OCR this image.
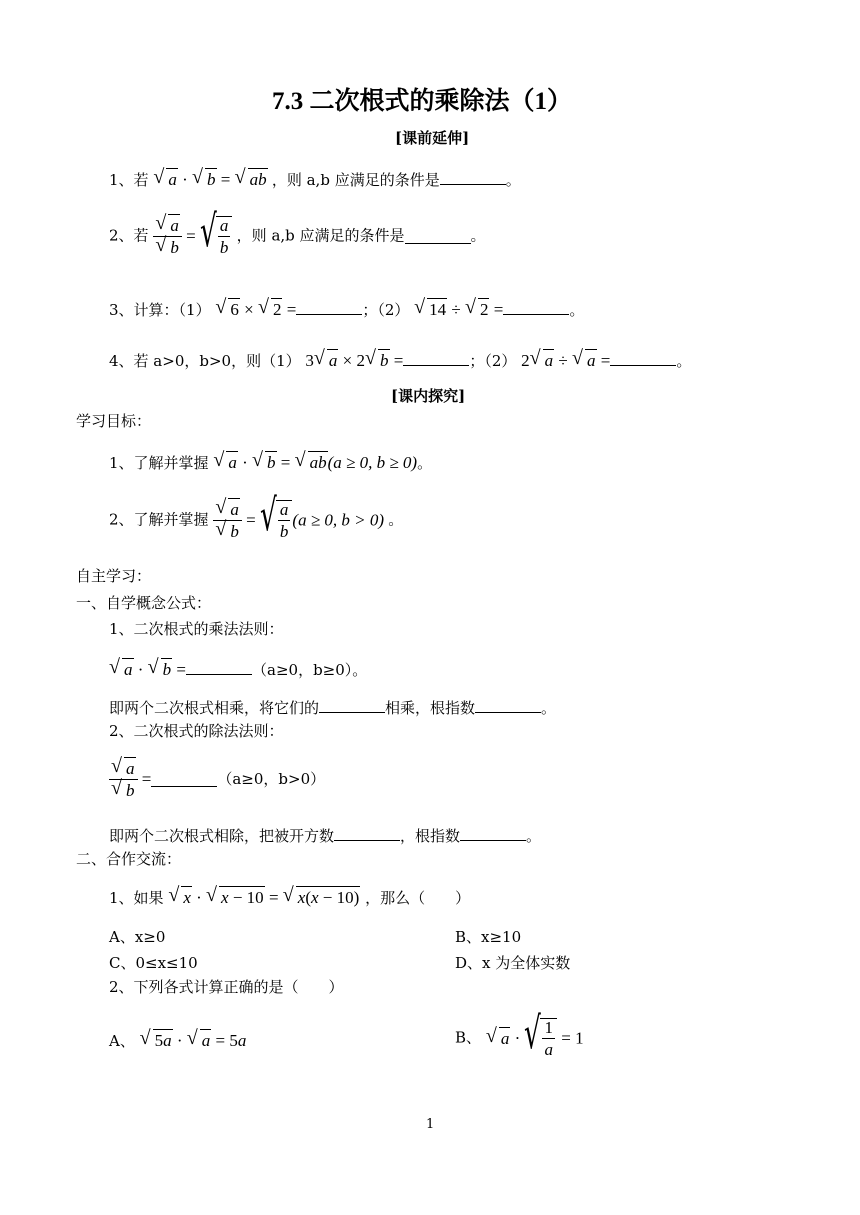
7.3 二次根式的乘除法（1）
[课前延伸]
1、若 √ a · √ b = √ ab ，则 a,b 应满足的条件是	。
2、若 √ a
√ b = √ $\frac{a}{b}$ ，则 a,b 应满足的条件是	。
3、计算：（1） √ 6 × √ 2 =	；（2） √ 14 ÷ √ 2 =	。
4、若 a>0，b>0，则（1） 3 √ a × 2 √ b =	；（2） 2 √ a ÷ √ a =	。
[课内探究]
学习目标：
1、了解并掌握 √ a · √ b = √ ab(a ≥ 0, b ≥ 0)。
2、了解并掌握 √ a
√ b = √ $\frac{a}{b} (a \ge 0$, b > 0) 。
自主学习：
一、自学概念公式：
1、二次根式的乘法法则：
√ a · √ b =	（a≥0，b≥0）。
即两个二次根式相乘，将它们的	相乘，根指数	。
2、二次根式的除法法则：
√ a
√ b =	（a≥0，b>0）
即两个二次根式相除，把被开方数	，根指数	。
二、合作交流：
1、如果 √ x · √ x − 10 = √ x(x − 10) ，那么（　　）
A、x≥0	B、x≥10
C、0≤x≤10	D、x 为全体实数
2、下列各式计算正确的是（　　）
A、 √ 5a · √ a = 5a	B、 √ a · √ $\frac{1}{a} = 1$
1
